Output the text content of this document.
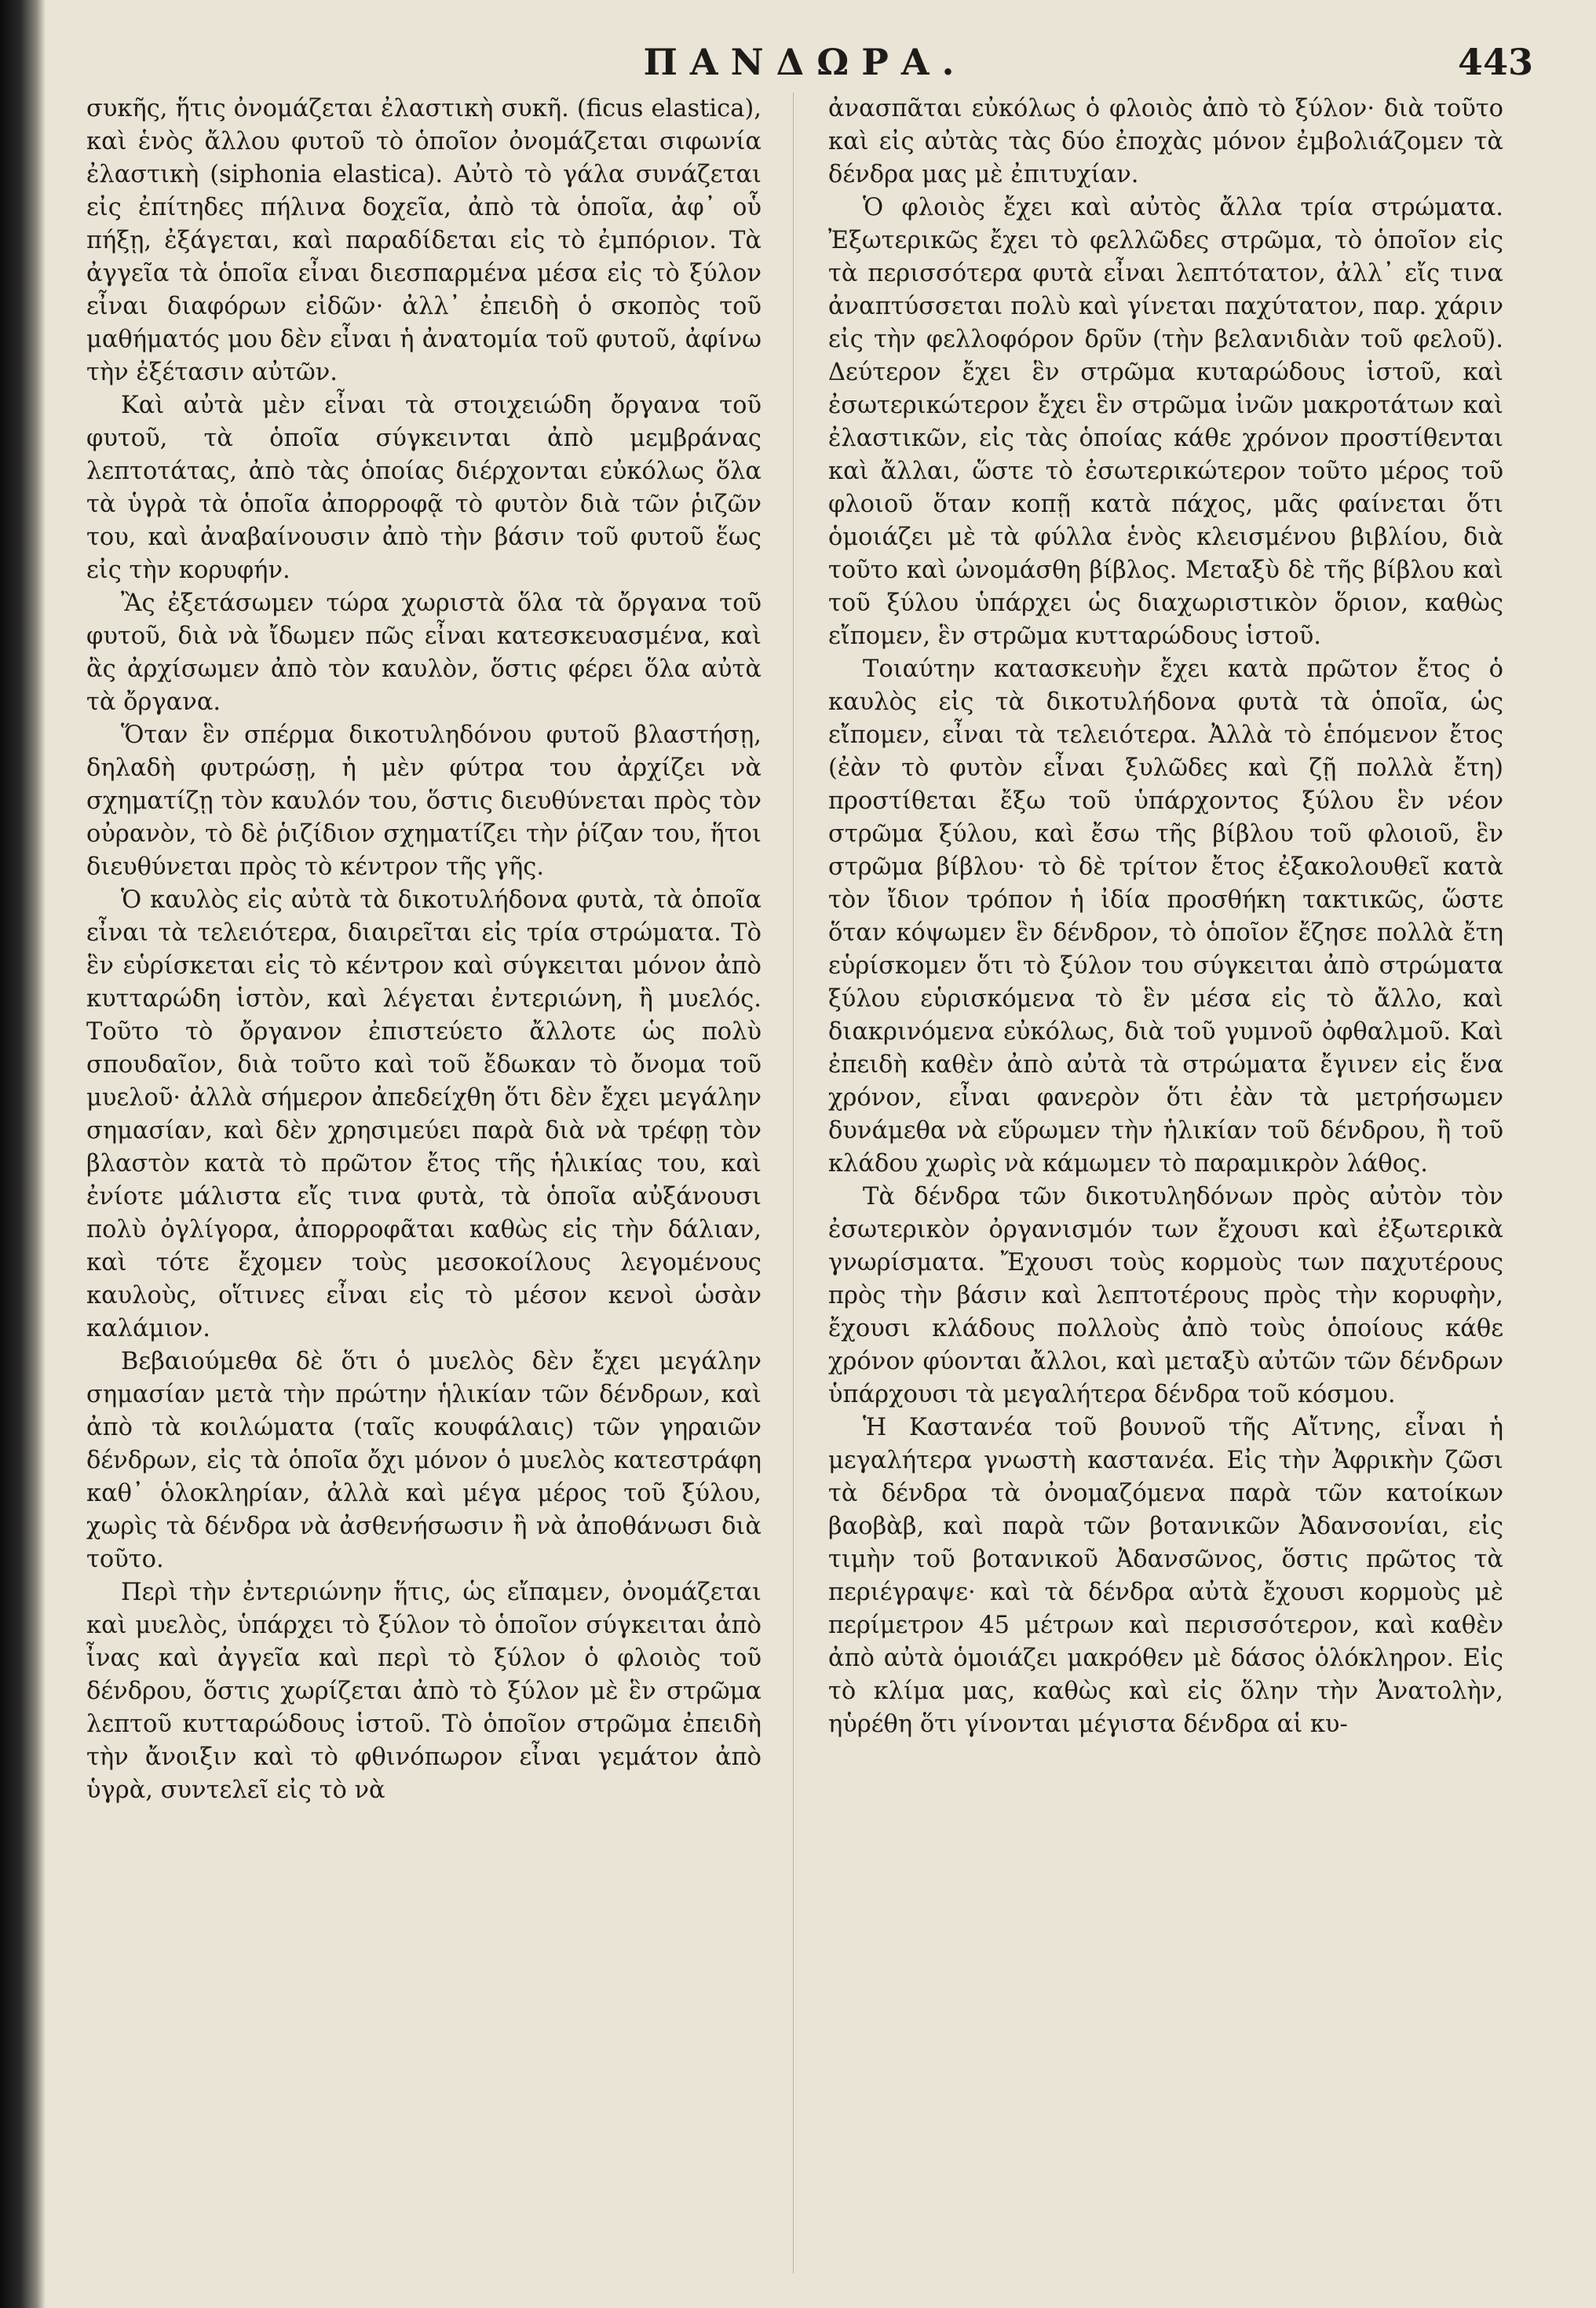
ΠΑΝΔΩΡΑ.	443

συκῆς, ἥτις ὀνομάζεται ἐλαστικὴ συκῆ. (ficus elastica), καὶ ἑνὸς ἄλλου φυτοῦ τὸ ὁποῖον ὀνομάζεται σιφωνία ἐλαστικὴ (siphonia elastica). Αὐτὸ τὸ γάλα συνάζεται εἰς ἐπίτηδες πήλινα δοχεῖα, ἀπὸ τὰ ὁποῖα, ἀφ᾽ οὗ πήξῃ, ἐξάγεται, καὶ παραδίδεται εἰς τὸ ἐμπόριον. Τὰ ἀγγεῖα τὰ ὁποῖα εἶναι διεσπαρμένα μέσα εἰς τὸ ξύλον εἶναι διαφόρων εἰδῶν· ἀλλ᾽ ἐπειδὴ ὁ σκοπὸς τοῦ μαθήματός μου δὲν εἶναι ἡ ἀνατομία τοῦ φυτοῦ, ἀφίνω τὴν ἐξέτασιν αὐτῶν.

Καὶ αὐτὰ μὲν εἶναι τὰ στοιχειώδη ὄργανα τοῦ φυτοῦ, τὰ ὁποῖα σύγκεινται ἀπὸ μεμβράνας λεπτοτάτας, ἀπὸ τὰς ὁποίας διέρχονται εὐκόλως ὅλα τὰ ὑγρὰ τὰ ὁποῖα ἀπορροφᾷ τὸ φυτὸν διὰ τῶν ῥιζῶν του, καὶ ἀναβαίνουσιν ἀπὸ τὴν βάσιν τοῦ φυτοῦ ἕως εἰς τὴν κορυφήν.

Ἂς ἐξετάσωμεν τώρα χωριστὰ ὅλα τὰ ὄργανα τοῦ φυτοῦ, διὰ νὰ ἴδωμεν πῶς εἶναι κατεσκευασμένα, καὶ ἂς ἀρχίσωμεν ἀπὸ τὸν καυλὸν, ὅστις φέρει ὅλα αὐτὰ τὰ ὄργανα.

Ὅταν ἓν σπέρμα δικοτυληδόνου φυτοῦ βλαστήσῃ, δηλαδὴ φυτρώσῃ, ἡ μὲν φύτρα του ἀρχίζει νὰ σχηματίζῃ τὸν καυλόν του, ὅστις διευθύνεται πρὸς τὸν οὐρανὸν, τὸ δὲ ῥιζίδιον σχηματίζει τὴν ῥίζαν του, ἥτοι διευθύνεται πρὸς τὸ κέντρον τῆς γῆς.

Ὁ καυλὸς εἰς αὐτὰ τὰ δικοτυλήδονα φυτὰ, τὰ ὁποῖα εἶναι τὰ τελειότερα, διαιρεῖται εἰς τρία στρώματα. Τὸ ἓν εὑρίσκεται εἰς τὸ κέντρον καὶ σύγκειται μόνον ἀπὸ κυτταρώδη ἱστὸν, καὶ λέγεται ἐντεριώνη, ἢ μυελός. Τοῦτο τὸ ὄργανον ἐπιστεύετο ἄλλοτε ὡς πολὺ σπουδαῖον, διὰ τοῦτο καὶ τοῦ ἔδωκαν τὸ ὄνομα τοῦ μυελοῦ· ἀλλὰ σήμερον ἀπεδείχθη ὅτι δὲν ἔχει μεγάλην σημασίαν, καὶ δὲν χρησιμεύει παρὰ διὰ νὰ τρέφῃ τὸν βλαστὸν κατὰ τὸ πρῶτον ἔτος τῆς ἡλικίας του, καὶ ἐνίοτε μάλιστα εἴς τινα φυτὰ, τὰ ὁποῖα αὐξάνουσι πολὺ ὀγλίγορα, ἀπορροφᾶται καθὼς εἰς τὴν δάλιαν, καὶ τότε ἔχομεν τοὺς μεσοκοίλους λεγομένους καυλοὺς, οἵτινες εἶναι εἰς τὸ μέσον κενοὶ ὡσὰν καλάμιον.

Βεβαιούμεθα δὲ ὅτι ὁ μυελὸς δὲν ἔχει μεγάλην σημασίαν μετὰ τὴν πρώτην ἡλικίαν τῶν δένδρων, καὶ ἀπὸ τὰ κοιλώματα (ταῖς κουφάλαις) τῶν γηραιῶν δένδρων, εἰς τὰ ὁποῖα ὄχι μόνον ὁ μυελὸς κατεστράφη καθ᾽ ὁλοκληρίαν, ἀλλὰ καὶ μέγα μέρος τοῦ ξύλου, χωρὶς τὰ δένδρα νὰ ἀσθενήσωσιν ἢ νὰ ἀποθάνωσι διὰ τοῦτο.

Περὶ τὴν ἐντεριώνην ἥτις, ὡς εἴπαμεν, ὀνομάζεται καὶ μυελὸς, ὑπάρχει τὸ ξύλον τὸ ὁποῖον σύγκειται ἀπὸ ἶνας καὶ ἀγγεῖα καὶ περὶ τὸ ξύλον ὁ φλοιὸς τοῦ δένδρου, ὅστις χωρίζεται ἀπὸ τὸ ξύλον μὲ ἓν στρῶμα λεπτοῦ κυτταρώδους ἱστοῦ. Τὸ ὁποῖον στρῶμα ἐπειδὴ τὴν ἄνοιξιν καὶ τὸ φθινόπωρον εἶναι γεμάτον ἀπὸ ὑγρὰ, συντελεῖ εἰς τὸ νὰ

ἀνασπᾶται εὐκόλως ὁ φλοιὸς ἀπὸ τὸ ξύλον· διὰ τοῦτο καὶ εἰς αὐτὰς τὰς δύο ἐποχὰς μόνον ἐμβολιάζομεν τὰ δένδρα μας μὲ ἐπιτυχίαν.

Ὁ φλοιὸς ἔχει καὶ αὐτὸς ἄλλα τρία στρώματα. Ἐξωτερικῶς ἔχει τὸ φελλῶδες στρῶμα, τὸ ὁποῖον εἰς τὰ περισσότερα φυτὰ εἶναι λεπτότατον, ἀλλ᾽ εἴς τινα ἀναπτύσσεται πολὺ καὶ γίνεται παχύτατον, παρ. χάριν εἰς τὴν φελλοφόρον δρῦν (τὴν βελανιδιὰν τοῦ φελοῦ). Δεύτερον ἔχει ἓν στρῶμα κυταρώδους ἱστοῦ, καὶ ἐσωτερικώτερον ἔχει ἓν στρῶμα ἰνῶν μακροτάτων καὶ ἐλαστικῶν, εἰς τὰς ὁποίας κάθε χρόνον προστίθενται καὶ ἄλλαι, ὥστε τὸ ἐσωτερικώτερον τοῦτο μέρος τοῦ φλοιοῦ ὅταν κοπῇ κατὰ πάχος, μᾶς φαίνεται ὅτι ὁμοιάζει μὲ τὰ φύλλα ἑνὸς κλεισμένου βιβλίου, διὰ τοῦτο καὶ ὠνομάσθη βίβλος. Μεταξὺ δὲ τῆς βίβλου καὶ τοῦ ξύλου ὑπάρχει ὡς διαχωριστικὸν ὅριον, καθὼς εἴπομεν, ἓν στρῶμα κυτταρώδους ἱστοῦ.

Τοιαύτην κατασκευὴν ἔχει κατὰ πρῶτον ἔτος ὁ καυλὸς εἰς τὰ δικοτυλήδονα φυτὰ τὰ ὁποῖα, ὡς εἴπομεν, εἶναι τὰ τελειότερα. Ἀλλὰ τὸ ἑπόμενον ἔτος (ἐὰν τὸ φυτὸν εἶναι ξυλῶδες καὶ ζῇ πολλὰ ἔτη) προστίθεται ἔξω τοῦ ὑπάρχοντος ξύλου ἓν νέον στρῶμα ξύλου, καὶ ἔσω τῆς βίβλου τοῦ φλοιοῦ, ἓν στρῶμα βίβλου· τὸ δὲ τρίτον ἔτος ἐξακολουθεῖ κατὰ τὸν ἴδιον τρόπον ἡ ἰδία προσθήκη τακτικῶς, ὥστε ὅταν κόψωμεν ἓν δένδρον, τὸ ὁποῖον ἔζησε πολλὰ ἔτη εὑρίσκομεν ὅτι τὸ ξύλον του σύγκειται ἀπὸ στρώματα ξύλου εὑρισκόμενα τὸ ἓν μέσα εἰς τὸ ἄλλο, καὶ διακρινόμενα εὐκόλως, διὰ τοῦ γυμνοῦ ὀφθαλμοῦ. Καὶ ἐπειδὴ καθὲν ἀπὸ αὐτὰ τὰ στρώματα ἔγινεν εἰς ἕνα χρόνον, εἶναι φανερὸν ὅτι ἐὰν τὰ μετρήσωμεν δυνάμεθα νὰ εὕρωμεν τὴν ἡλικίαν τοῦ δένδρου, ἢ τοῦ κλάδου χωρὶς νὰ κάμωμεν τὸ παραμικρὸν λάθος.

Τὰ δένδρα τῶν δικοτυληδόνων πρὸς αὐτὸν τὸν ἐσωτερικὸν ὀργανισμόν των ἔχουσι καὶ ἐξωτερικὰ γνωρίσματα. Ἔχουσι τοὺς κορμοὺς των παχυτέρους πρὸς τὴν βάσιν καὶ λεπτοτέρους πρὸς τὴν κορυφὴν, ἔχουσι κλάδους πολλοὺς ἀπὸ τοὺς ὁποίους κάθε χρόνον φύονται ἄλλοι, καὶ μεταξὺ αὐτῶν τῶν δένδρων ὑπάρχουσι τὰ μεγαλήτερα δένδρα τοῦ κόσμου.

Ἡ Καστανέα τοῦ βουνοῦ τῆς Αἴτνης, εἶναι ἡ μεγαλήτερα γνωστὴ καστανέα. Εἰς τὴν Ἀφρικὴν ζῶσι τὰ δένδρα τὰ ὀνομαζόμενα παρὰ τῶν κατοίκων βαοβὰβ, καὶ παρὰ τῶν βοτανικῶν Ἀδανσονίαι, εἰς τιμὴν τοῦ βοτανικοῦ Ἀδανσῶνος, ὅστις πρῶτος τὰ περιέγραψε· καὶ τὰ δένδρα αὐτὰ ἔχουσι κορμοὺς μὲ περίμετρον 45 μέτρων καὶ περισσότερον, καὶ καθὲν ἀπὸ αὐτὰ ὁμοιάζει μακρόθεν μὲ δάσος ὁλόκληρον. Εἰς τὸ κλίμα μας, καθὼς καὶ εἰς ὅλην τὴν Ἀνατολὴν, ηὑρέθη ὅτι γίνονται μέγιστα δένδρα αἱ κυ-
